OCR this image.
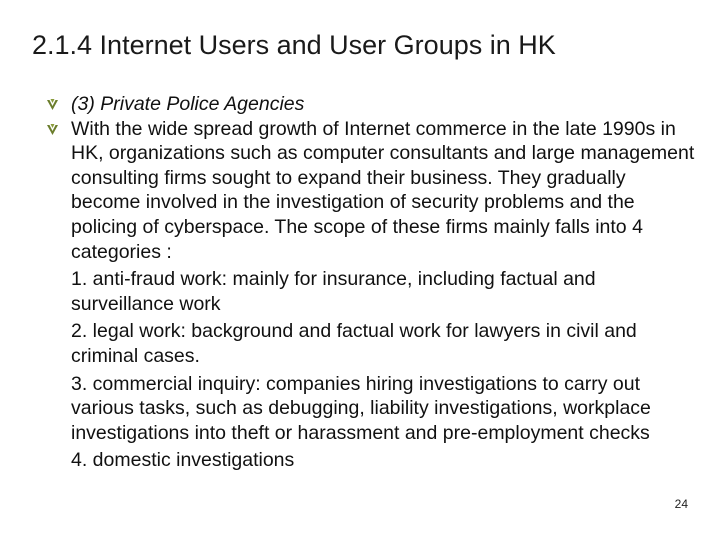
2.1.4 Internet Users and User Groups in HK
(3) Private Police Agencies
With the wide spread growth of Internet commerce in the late 1990s in HK, organizations such as computer consultants and large management consulting firms sought to expand their business. They gradually become involved in the investigation of security problems and the policing of cyberspace. The scope of these firms mainly falls into 4 categories :
1. anti-fraud work: mainly for insurance, including factual and surveillance work
2. legal work: background and factual work for lawyers in civil and criminal cases.
3. commercial inquiry: companies hiring investigations to carry out various tasks, such as debugging, liability investigations, workplace investigations into theft or harassment and pre-employment checks
4. domestic investigations
24
